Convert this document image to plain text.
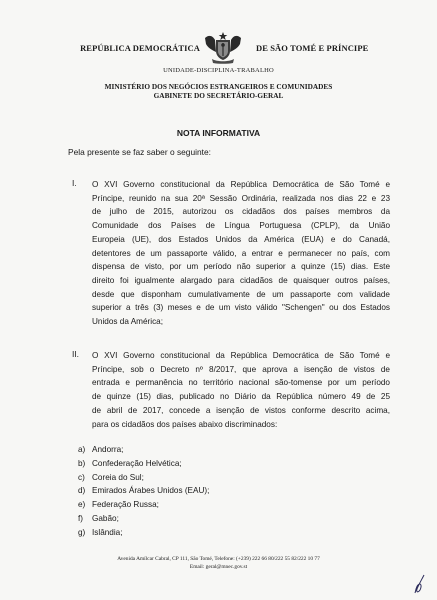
REPÚBLICA DEMOCRÁTICA	DE SÃO TOMÉ E PRÍNCIPE
UNIDADE-DISCIPLINA-TRABALHO
MINISTÉRIO DOS NEGÓCIOS ESTRANGEIROS E COMUNIDADES
GABINETE DO SECRETÁRIO-GERAL
NOTA INFORMATIVA
Pela presente se faz saber o seguinte:
I. O XVI Governo constitucional da República Democrática de São Tomé e
Príncipe, reunido na sua 20ª Sessão Ordinária, realizada nos dias 22 e 23
de julho de 2015, autorizou os cidadãos dos países membros da
Comunidade dos Países de Língua Portuguesa (CPLP), da União
Europeia (UE), dos Estados Unidos da América (EUA) e do Canadá,
detentores de um passaporte válido, a entrar e permanecer no país, com
dispensa de visto, por um período não superior a quinze (15) dias. Este
direito foi igualmente alargado para cidadãos de quaisquer outros países,
desde que disponham cumulativamente de um passaporte com validade
superior a três (3) meses e de um visto válido "Schengen" ou dos Estados
Unidos da América;
II. O XVI Governo constitucional da República Democrática de São Tomé e
Príncipe, sob o Decreto nº 8/2017, que aprova a isenção de vistos de
entrada e permanência no território nacional são-tomense por um período
de quinze (15) dias, publicado no Diário da República número 49 de 25
de abril de 2017, concede a isenção de vistos conforme descrito acima,
para os cidadãos dos países abaixo discriminados:
a) Andorra;
b) Confederação Helvética;
c) Coreia do Sul;
d) Emirados Árabes Unidos (EAU);
e) Federação Russa;
f) Gabão;
g) Islândia;
Avenida Amílcar Cabral, CP 111, São Tomé, Telefone: (+239) 222 66 80/222 55 82/222 10 77
Email: geral@mnec.gov.st
